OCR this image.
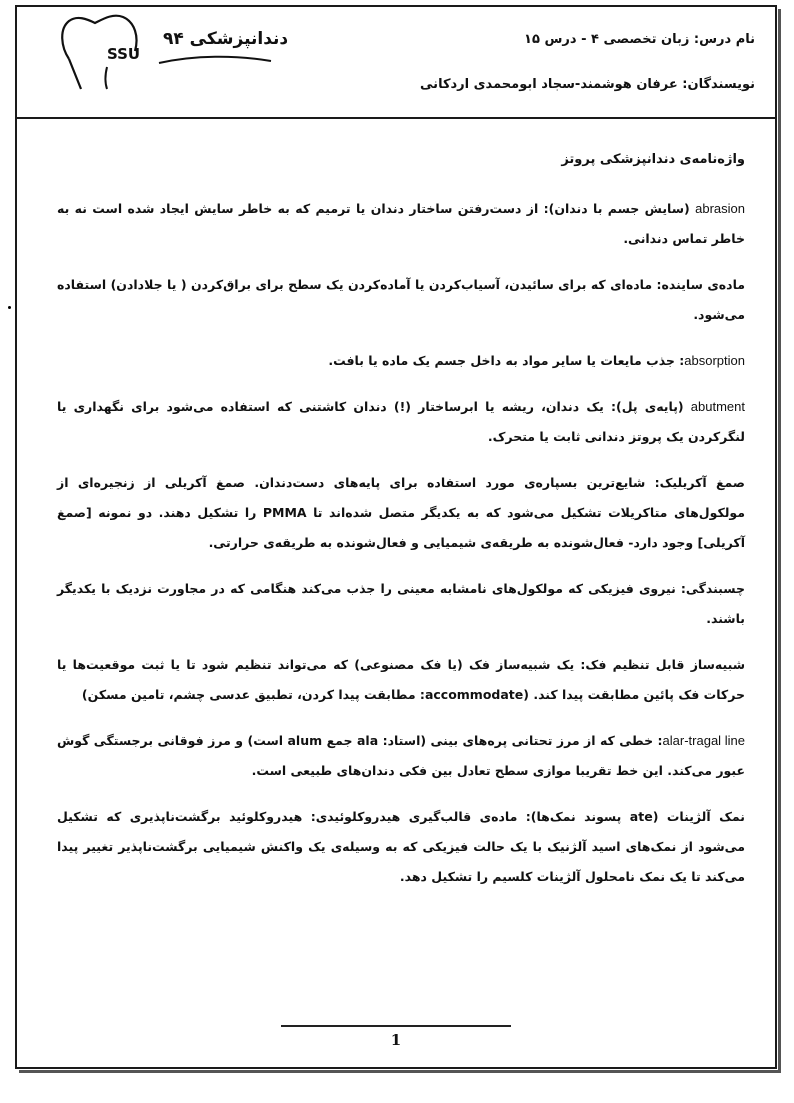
دندانپزشکی ۹۴
SSU
نام درس: زبان تخصصی ۴ - درس ۱۵
نویسندگان: عرفان هوشمند-سجاد ابومحمدی اردکانی

واژه‌نامه‌ی دندانپزشکی پروتز

abrasion (سایش جسم با دندان): از دست‌رفتن ساختار دندان یا ترمیم که به خاطر سایش ایجاد شده است نه به خاطر تماس دندانی.

ماده‌ی ساینده: ماده‌ای که برای سائیدن، آسیاب‌کردن یا آماده‌کردن یک سطح برای براق‌کردن ( یا جلادادن) استفاده می‌شود.

absorption: جذب مایعات یا سایر مواد به داخل جسم یک ماده یا بافت.

abutment (پایه‌ی پل): یک دندان، ریشه یا ابرساختار (!) دندان کاشتنی که استفاده می‌شود برای نگهداری یا لنگرکردن یک پروتز دندانی ثابت یا متحرک.

صمغ آکریلیک: شایع‌ترین بسپاره‌ی مورد استفاده برای پایه‌های دست‌دندان. صمغ آکریلی از زنجیره‌ای از مولکول‌های متاکریلات تشکیل می‌شود که به یکدیگر متصل شده‌اند تا PMMA را تشکیل دهند. دو نمونه [صمغ آکریلی] وجود دارد- فعال‌شونده به طریقه‌ی شیمیایی و فعال‌شونده به طریقه‌ی حرارتی.

چسبندگی: نیروی فیزیکی که مولکول‌های نامشابه معینی را جذب می‌کند هنگامی که در مجاورت نزدیک با یکدیگر باشند.

شبیه‌ساز قابل تنظیم فک: یک شبیه‌ساز فک (یا فک مصنوعی) که می‌تواند تنظیم شود تا یا ثبت موقعیت‌ها یا حرکات فک پائین مطابقت پیدا کند. (accommodate: مطابقت پیدا کردن، تطبیق عدسی چشم، تامین مسکن)

alar-tragal line: خطی که از مرز تحتانی پره‌های بینی (استاد: ala جمع alum است) و مرز فوقانی برجستگی گوش عبور می‌کند. این خط تقریبا موازی سطح تعادل بین فکی دندان‌های طبیعی است.

نمک آلژینات (ate پسوند نمک‌ها): ماده‌ی قالب‌گیری هیدروکلوئیدی: هیدروکلوئید برگشت‌ناپذیری که تشکیل می‌شود از نمک‌های اسید آلژنیک با یک حالت فیزیکی که به وسیله‌ی یک واکنش شیمیایی برگشت‌ناپذیر تغییر پیدا می‌کند تا یک نمک نامحلول آلژینات کلسیم را تشکیل دهد.

1
